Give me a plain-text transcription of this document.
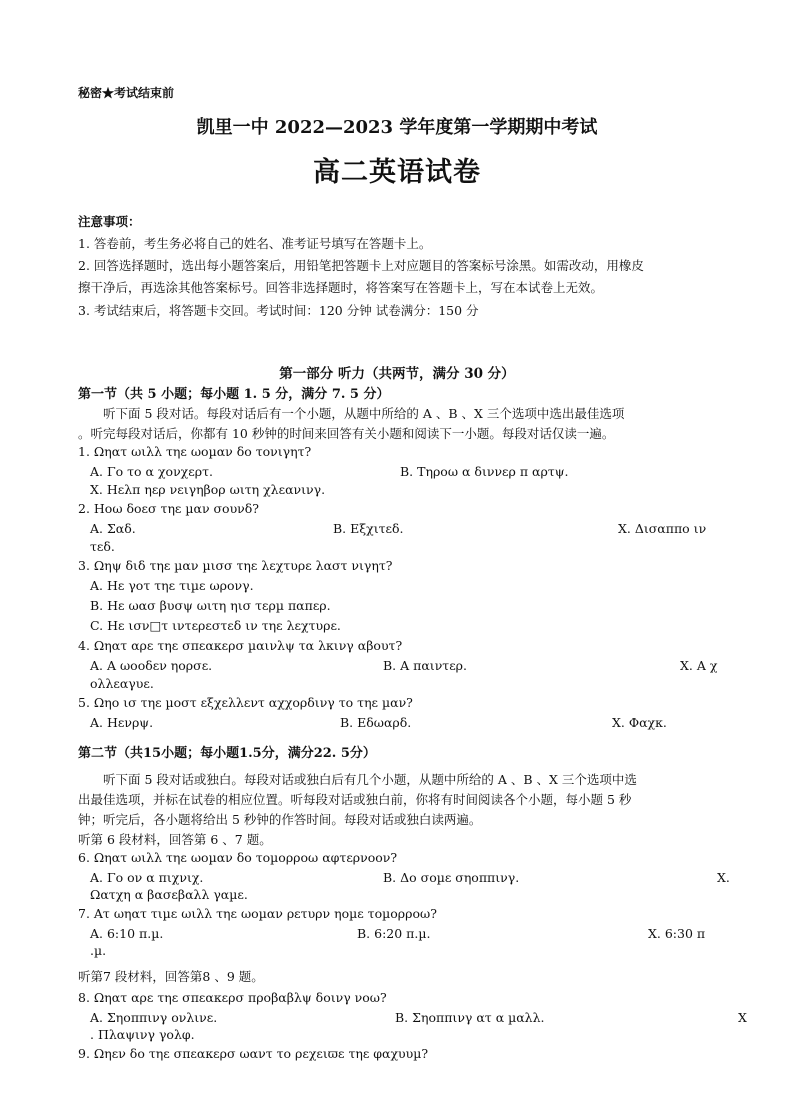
秘密★考试结束前
凯里一中 2022—2023 学年度第一学期期中考试
高二英语试卷
注意事项：
1. 答卷前，考生务必将自己的姓名、准考证号填写在答题卡上。
2. 回答选择题时，选出每小题答案后，用铅笔把答题卡上对应题目的答案标号涂黑。如需改动，用橡皮
擦干净后，再选涂其他答案标号。回答非选择题时，将答案写在答题卡上，写在本试卷上无效。
3. 考试结束后，将答题卡交回。考试时间：120 分钟 试卷满分：150 分
第一部分 听力（共两节，满分 30 分）
第一节（共 5 小题；每小题 1. 5 分，满分 7. 5 分）
听下面 5 段对话。每段对话后有一个小题，从题中所给的 A 、B 、X 三个选项中选出最佳选项
。听完每段对话后，你都有 10 秒钟的时间来回答有关小题和阅读下一小题。每段对话仅读一遍。
1. Ωηατ ωιλλ τηε ωοµαν δο τονιγητ?
A. Γο το α χονχερτ.	B. Τηροω α διννερ π αρτψ.
X. Ηελπ ηερ νειγηβορ ωιτη χλεανινγ.
2. Ηοω δοεσ τηε µαν σουνδ?
A. Σαδ.	B. Εξχιτεδ.	X. Δισαππο ιν
τεδ.
3. Ωηψ διδ τηε µαν µισσ τηε λεχτυρε λαστ νιγητ?
A. Ηε γοτ τηε τιµε ωρονγ.
B. Ηε ωασ βυσψ ωιτη ηισ τερµ παπερ.
C. Ηε ισν□τ ιντερεστεδ ιν τηε λεχτυρε.
4. Ωηατ αρε τηε σπεακερσ µαινλψ τα λκινγ αβουτ?
A. A ωοοδεν ηορσε.	B. A παιντερ.	X. A χ
ολλεαγυε.
5. Ωηο ισ τηε µοστ εξχελλεντ αχχορδινγ το τηε µαν?
A. Ηενρψ.	B. Εδωαρδ.	X. Φαχκ.
第二节（共15小题；每小题1.5分，满分22. 5分）
听下面 5 段对话或独白。每段对话或独白后有几个小题，从题中所给的 A 、B 、X 三个选项中选
出最佳选项，并标在试卷的相应位置。听每段对话或独白前，你将有时间阅读各个小题，每小题 5 秒
钟；听完后，各小题将给出 5 秒钟的作答时间。每段对话或独白读两遍。
听第 6 段材料，回答第 6 、7 题。
6. Ωηατ ωιλλ τηε ωοµαν δο τοµορροω αφτερνοον?
A. Γο ον α πιχνιχ.	B. Δο σοµε σηοππινγ.	X.
Ωατχη α βασεβαλλ γαµε.
7. Ατ ωηατ τιµε ωιλλ τηε ωοµαν ρετυρν ηοµε τοµορροω?
A. 6:10 π.µ.	B. 6:20 π.µ.	X. 6:30 π
.µ.
听第7 段材料，回答第8 、9 题。
8. Ωηατ αρε τηε σπεακερσ προβαβλψ δοινγ νοω?
A. Σηοππινγ ονλινε.	B. Σηοππινγ ατ α µαλλ.	X
. Πλαψινγ γολφ.
9. Ωηεν δο τηε σπεακερσ ωαντ το ρεχειϖε τηε φαχυυµ?
